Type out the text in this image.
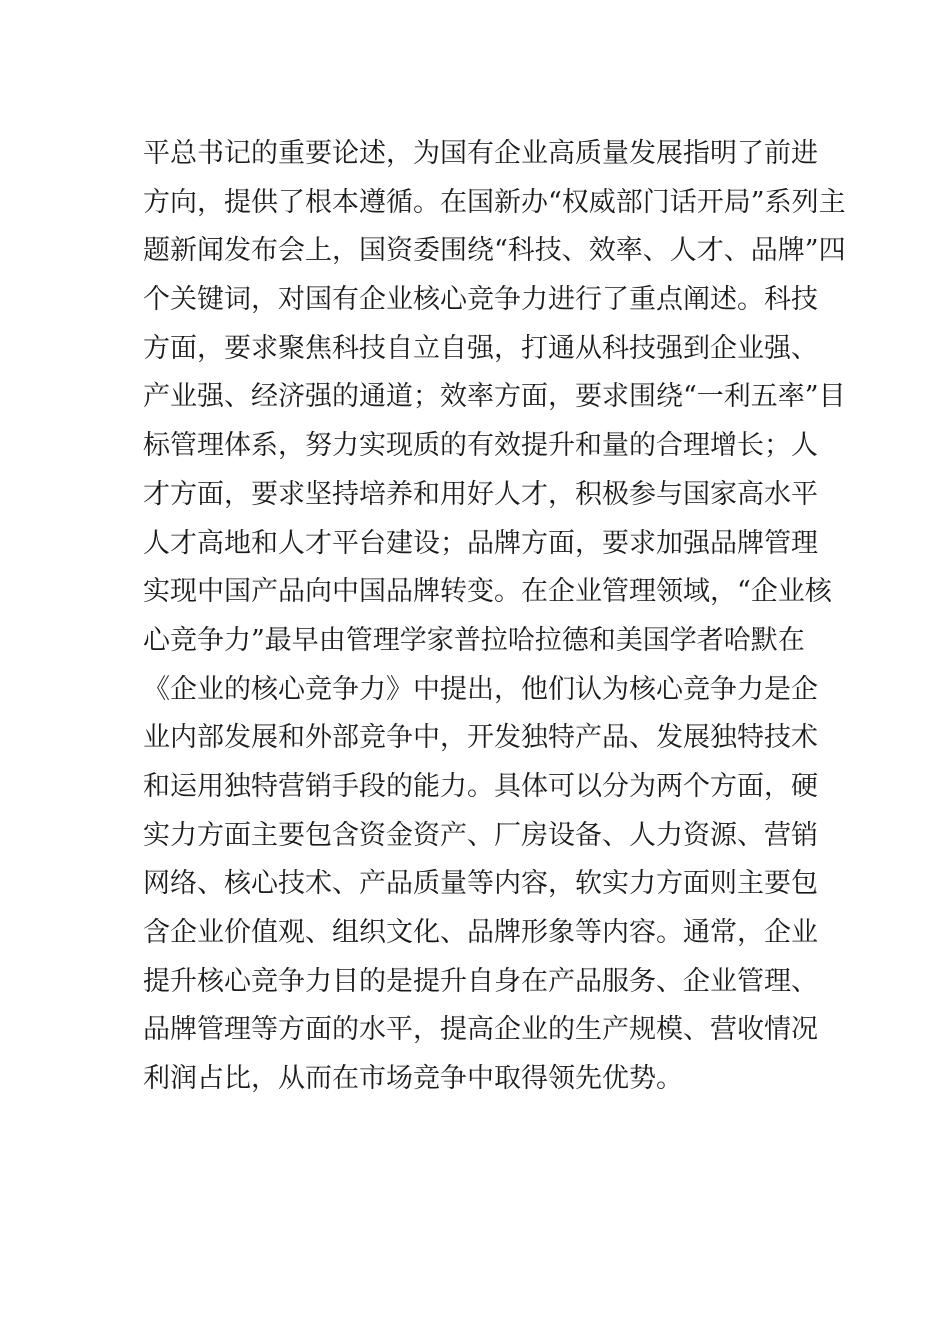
平总书记的重要论述，为国有企业高质量发展指明了前进
方向，提供了根本遵循。在国新办“权威部门话开局”系列主
题新闻发布会上，国资委围绕“科技、效率、人才、品牌”四
个关键词，对国有企业核心竞争力进行了重点阐述。科技
方面，要求聚焦科技自立自强，打通从科技强到企业强、
产业强、经济强的通道；效率方面，要求围绕“一利五率”目
标管理体系，努力实现质的有效提升和量的合理增长；人
才方面，要求坚持培养和用好人才，积极参与国家高水平
人才高地和人才平台建设；品牌方面，要求加强品牌管理
实现中国产品向中国品牌转变。在企业管理领域，“企业核
心竞争力”最早由管理学家普拉哈拉德和美国学者哈默在
《企业的核心竞争力》中提出，他们认为核心竞争力是企
业内部发展和外部竞争中，开发独特产品、发展独特技术
和运用独特营销手段的能力。具体可以分为两个方面，硬
实力方面主要包含资金资产、厂房设备、人力资源、营销
网络、核心技术、产品质量等内容，软实力方面则主要包
含企业价值观、组织文化、品牌形象等内容。通常，企业
提升核心竞争力目的是提升自身在产品服务、企业管理、
品牌管理等方面的水平，提高企业的生产规模、营收情况
利润占比，从而在市场竞争中取得领先优势。
